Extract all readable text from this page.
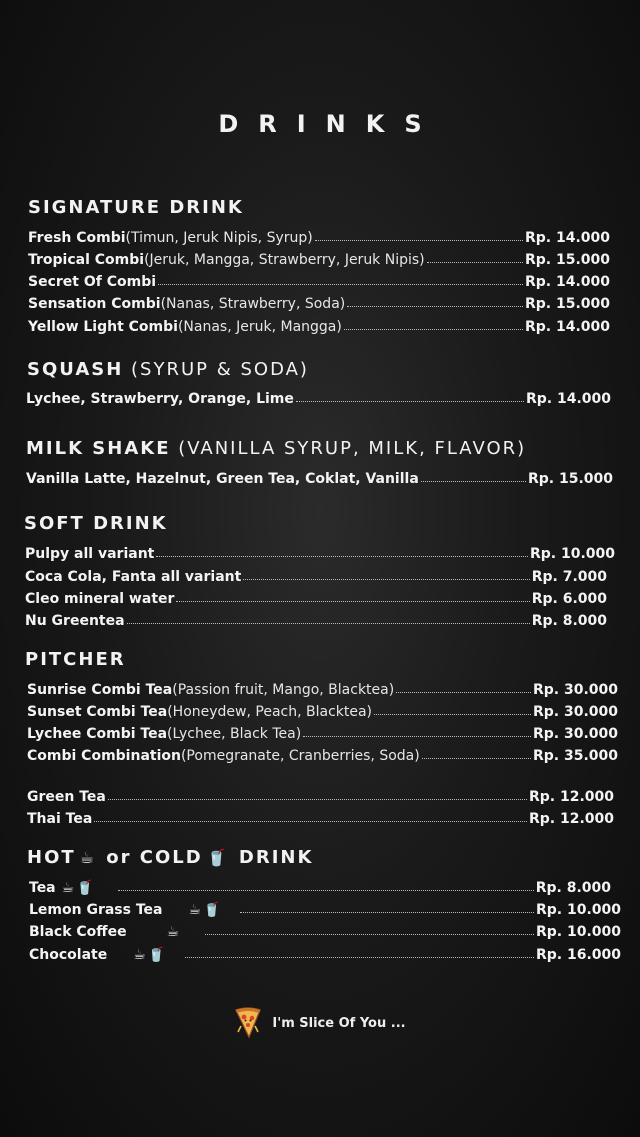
DRINKS
SIGNATURE DRINK
Fresh Combi (Timun, Jeruk Nipis, Syrup)	Rp. 14.000
Tropical Combi (Jeruk, Mangga, Strawberry, Jeruk Nipis)	Rp. 15.000
Secret Of Combi	Rp. 14.000
Sensation Combi (Nanas, Strawberry, Soda)	Rp. 15.000
Yellow Light Combi (Nanas, Jeruk, Mangga)	Rp. 14.000
SQUASH (SYRUP & SODA)
Lychee, Strawberry, Orange, Lime	Rp. 14.000
MILK SHAKE (VANILLA SYRUP, MILK, FLAVOR)
Vanilla Latte, Hazelnut, Green Tea, Coklat, Vanilla	Rp. 15.000
SOFT DRINK
Pulpy all variant	Rp. 10.000
Coca Cola, Fanta all variant	Rp. 7.000
Cleo mineral water	Rp. 6.000
Nu Greentea	Rp. 8.000
PITCHER
Sunrise Combi Tea (Passion fruit, Mango, Blacktea)	Rp. 30.000
Sunset Combi Tea (Honeydew, Peach, Blacktea)	Rp. 30.000
Lychee Combi Tea (Lychee, Black Tea)	Rp. 30.000
Combi Combination (Pomegranate, Cranberries, Soda)	Rp. 35.000
Green Tea	Rp. 12.000
Thai Tea	Rp. 12.000
HOT ☕ or COLD 🥤 DRINK
Tea ☕🥤	Rp. 8.000
Lemon Grass Tea ☕🥤	Rp. 10.000
Black Coffee	☕	Rp. 10.000
Chocolate ☕🥤	Rp. 16.000
I'm Slice Of You ...
